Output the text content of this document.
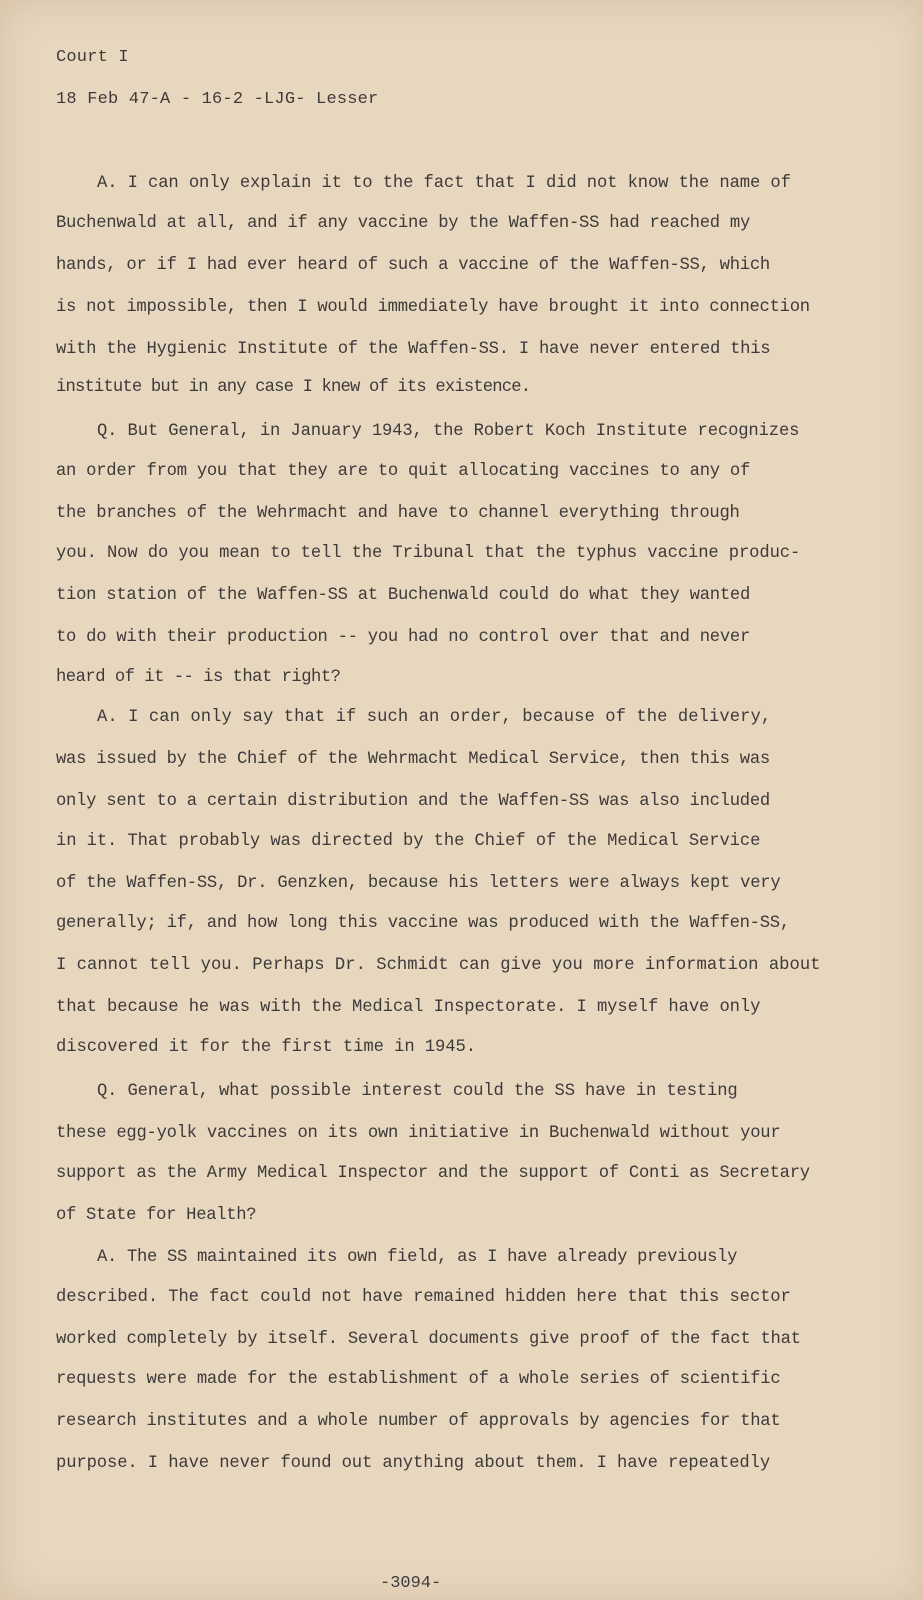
Court I
18 Feb 47-A - 16-2 -LJG- Lesser
A. I can only explain it to the fact that I did not know the name of
Buchenwald at all, and if any vaccine by the Waffen-SS had reached my
hands, or if I had ever heard of such a vaccine of the Waffen-SS, which
is not impossible, then I would immediately have brought it into connection
with the Hygienic Institute of the Waffen-SS. I have never entered this
institute but in any case I knew of its existence.
Q. But General, in January 1943, the Robert Koch Institute recognizes
an order from you that they are to quit allocating vaccines to any of
the branches of the Wehrmacht and have to channel everything through
you. Now do you mean to tell the Tribunal that the typhus vaccine produc-
tion station of the Waffen-SS at Buchenwald could do what they wanted
to do with their production -- you had no control over that and never
heard of it -- is that right?
A. I can only say that if such an order, because of the delivery,
was issued by the Chief of the Wehrmacht Medical Service, then this was
only sent to a certain distribution and the Waffen-SS was also included
in it. That probably was directed by the Chief of the Medical Service
of the Waffen-SS, Dr. Genzken, because his letters were always kept very
generally; if, and how long this vaccine was produced with the Waffen-SS,
I cannot tell you. Perhaps Dr. Schmidt can give you more information about
that because he was with the Medical Inspectorate. I myself have only
discovered it for the first time in 1945.
Q. General, what possible interest could the SS have in testing
these egg-yolk vaccines on its own initiative in Buchenwald without your
support as the Army Medical Inspector and the support of Conti as Secretary
of State for Health?
A. The SS maintained its own field, as I have already previously
described. The fact could not have remained hidden here that this sector
worked completely by itself. Several documents give proof of the fact that
requests were made for the establishment of a whole series of scientific
research institutes and a whole number of approvals by agencies for that
purpose. I have never found out anything about them. I have repeatedly
-3094-
